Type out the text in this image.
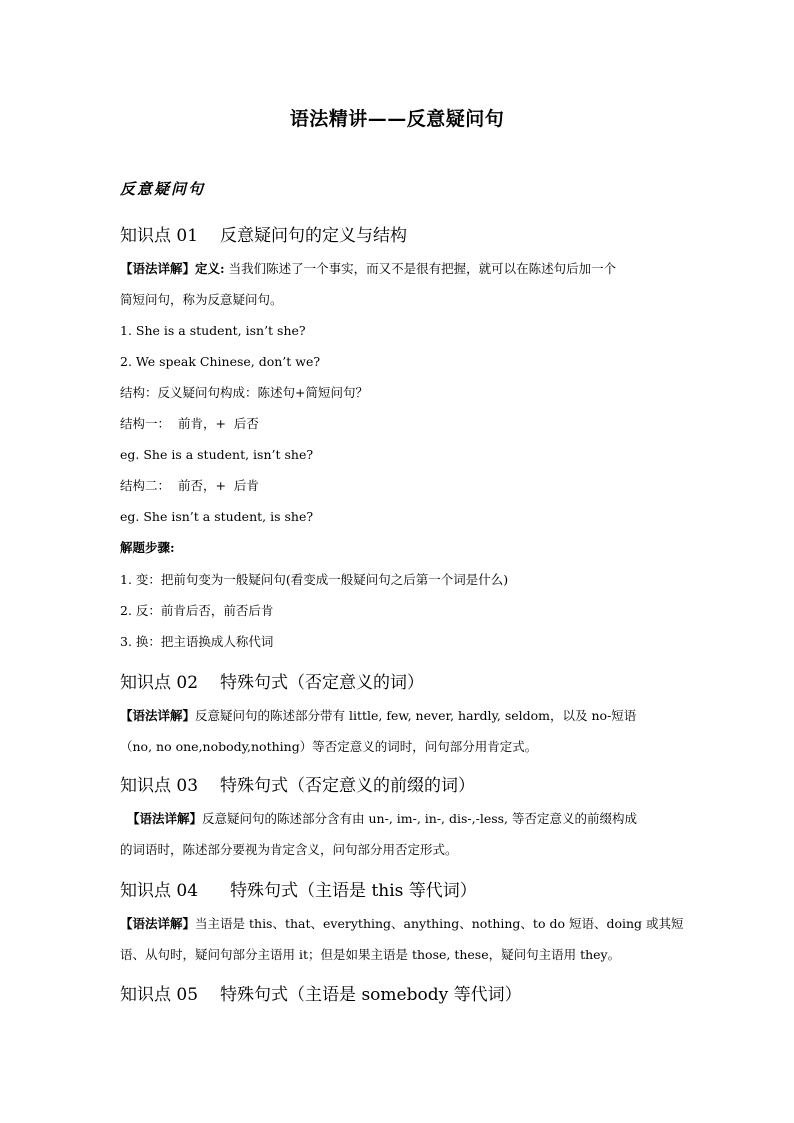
语法精讲——反意疑问句
反意疑问句
知识点 01 反意疑问句的定义与结构
【语法详解】定义: 当我们陈述了一个事实，而又不是很有把握，就可以在陈述句后加一个
简短问句，称为反意疑问句。
1. She is a student, isn’t she?
2. We speak Chinese, don’t we?
结构：反义疑问句构成：陈述句+简短问句？
结构一：  前肯，+  后否
eg. She is a student, isn’t she?
结构二：  前否，+  后肯
eg. She isn’t a student, is she?
解题步骤:
1. 变：把前句变为一般疑问句(看变成一般疑问句之后第一个词是什么)
2. 反：前肯后否，前否后肯
3. 换：把主语换成人称代词
知识点 02 特殊句式（否定意义的词）
【语法详解】反意疑问句的陈述部分带有 little, few, never, hardly, seldom，以及 no-短语
（no, no one,nobody,nothing）等否定意义的词时，问句部分用肯定式。
知识点 03 特殊句式（否定意义的前缀的词）
【语法详解】反意疑问句的陈述部分含有由 un-, im-, in-, dis-,-less, 等否定意义的前缀构成
的词语时，陈述部分要视为肯定含义，问句部分用否定形式。
知识点 04 特殊句式（主语是 this 等代词）
【语法详解】当主语是 this、that、everything、anything、nothing、to do 短语、doing 或其短
语、从句时，疑问句部分主语用 it；但是如果主语是 those, these，疑问句主语用 they。
知识点 05 特殊句式（主语是 somebody 等代词）
